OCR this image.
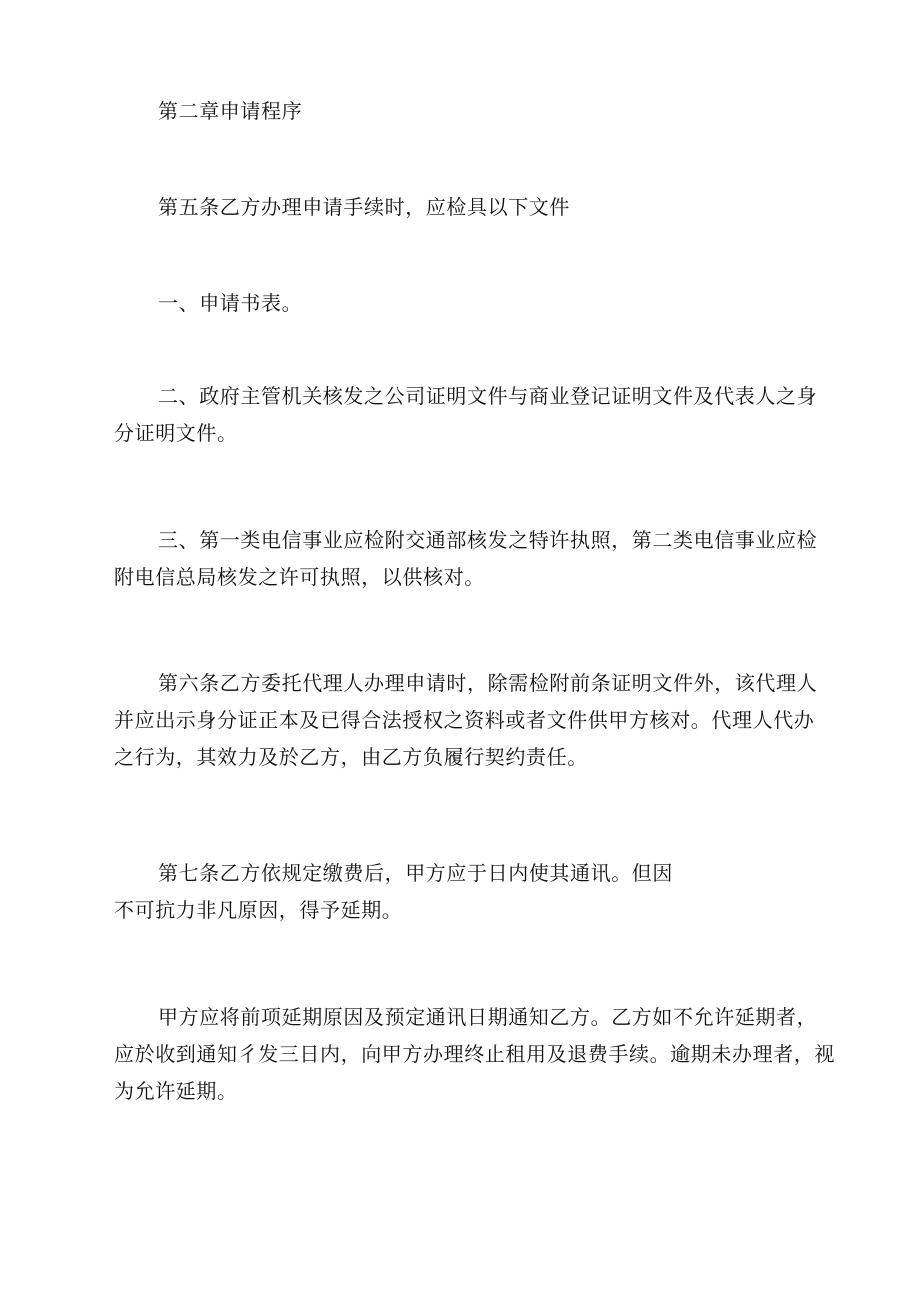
第二章申请程序

第五条乙方办理申请手续时，应检具以下文件

一、申请书表。

二、政府主管机关核发之公司证明文件与商业登记证明文件及代表人之身
分证明文件。

三、第一类电信事业应检附交通部核发之特许执照，第二类电信事业应检
附电信总局核发之许可执照，以供核对。

第六条乙方委托代理人办理申请时，除需检附前条证明文件外，该代理人
并应出示身分证正本及已得合法授权之资料或者文件供甲方核对。代理人代办
之行为，其效力及於乙方，由乙方负履行契约责任。

第七条乙方依规定缴费后，甲方应于日内使其通讯。但因
不可抗力非凡原因，得予延期。

甲方应将前项延期原因及预定通讯日期通知乙方。乙方如不允许延期者，
应於收到通知彳发三日内，向甲方办理终止租用及退费手续。逾期未办理者，视
为允许延期。
